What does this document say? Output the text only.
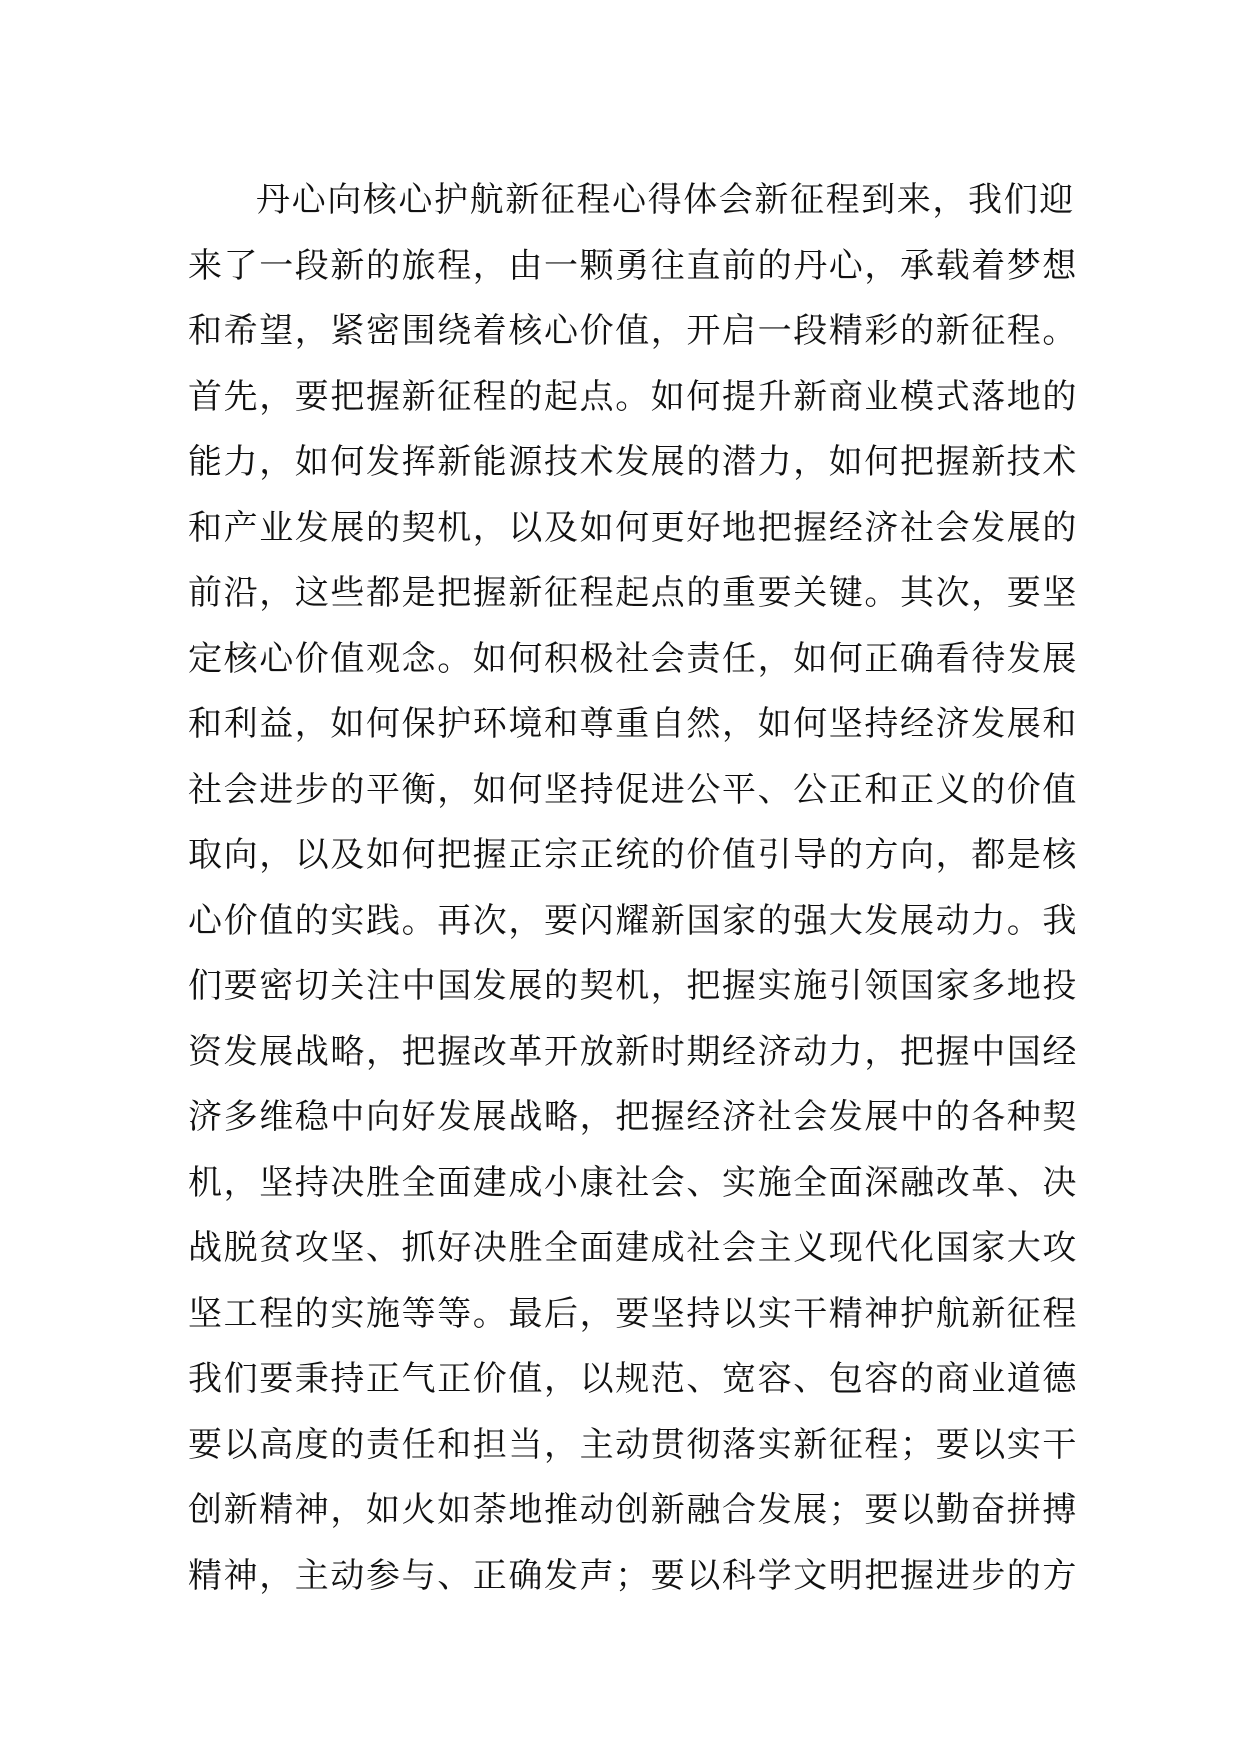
丹心向核心护航新征程心得体会新征程到来，我们迎
来了一段新的旅程，由一颗勇往直前的丹心，承载着梦想
和希望，紧密围绕着核心价值，开启一段精彩的新征程。
首先，要把握新征程的起点。如何提升新商业模式落地的
能力，如何发挥新能源技术发展的潜力，如何把握新技术
和产业发展的契机，以及如何更好地把握经济社会发展的
前沿，这些都是把握新征程起点的重要关键。其次，要坚
定核心价值观念。如何积极社会责任，如何正确看待发展
和利益，如何保护环境和尊重自然，如何坚持经济发展和
社会进步的平衡，如何坚持促进公平、公正和正义的价值
取向，以及如何把握正宗正统的价值引导的方向，都是核
心价值的实践。再次，要闪耀新国家的强大发展动力。我
们要密切关注中国发展的契机，把握实施引领国家多地投
资发展战略，把握改革开放新时期经济动力，把握中国经
济多维稳中向好发展战略，把握经济社会发展中的各种契
机，坚持决胜全面建成小康社会、实施全面深融改革、决
战脱贫攻坚、抓好决胜全面建成社会主义现代化国家大攻
坚工程的实施等等。最后，要坚持以实干精神护航新征程
我们要秉持正气正价值，以规范、宽容、包容的商业道德
要以高度的责任和担当，主动贯彻落实新征程；要以实干
创新精神，如火如荼地推动创新融合发展；要以勤奋拼搏
精神，主动参与、正确发声；要以科学文明把握进步的方
